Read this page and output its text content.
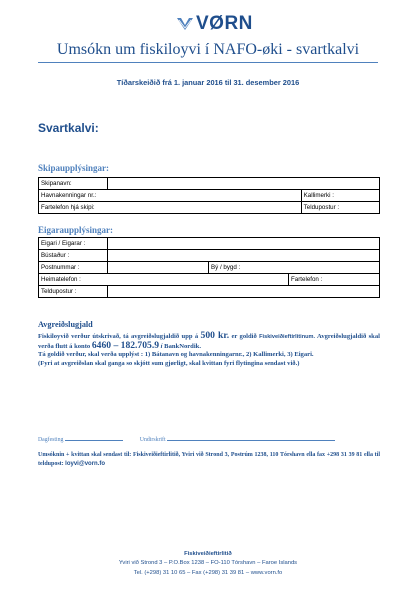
VØRN
Umsókn um fiskiloyvi í NAFO-øki - svartkalvi
Tíðarskeiðið frá 1. januar 2016 til 31. desember 2016
Svartkalvi:
Skipaupplýsingar:
Skipanavn:		
Havnakenningar nr.:		Kallimerki :
Fartelefon hjá skipi:		Teldupostur :
Eigaraupplýsingar:
Eigari / Eigarar :			
Bústaður :			
Postnummar :		Bý / bygd :	
Heimatelefon :			Fartelefon :
Teldupostur :			
Avgreiðslugjald
Fiskiloyvið verður útskrivað, tá avgreiðslugjaldið upp á 500 kr. er goldið Fiskiveiðieftirlitinum. Avgreiðslugjaldið skal verða flutt á konto 6460 – 182.705.9 í BankNordik.
Tá goldið verður, skal verða upplýst : 1) Bátanavn og havnakenningarnr., 2) Kallimerki, 3) Eigari.
(Fyri at avgreiðslan skal ganga so skjótt sum gjørligt, skal kvittan fyri flytingina sendast við.)
Dagfesting	Undirskrift
Umsóknin + kvittan skal sendast til: Fiskiveiðieftirlitið, Yviri við Strond 3, Postrúm 1238, 110 Tórshavn ella fax +298 31 39 81 ella til teldupost: loyvi@vorn.fo
Fiskiveiðieftirlitið
Yviri við Strond 3 – P.O.Box 1238 – FO-110 Tórshavn – Faroe Islands
Tel. (+298) 31 10 65 – Fax (+298) 31 39 81 – www.vorn.fo
